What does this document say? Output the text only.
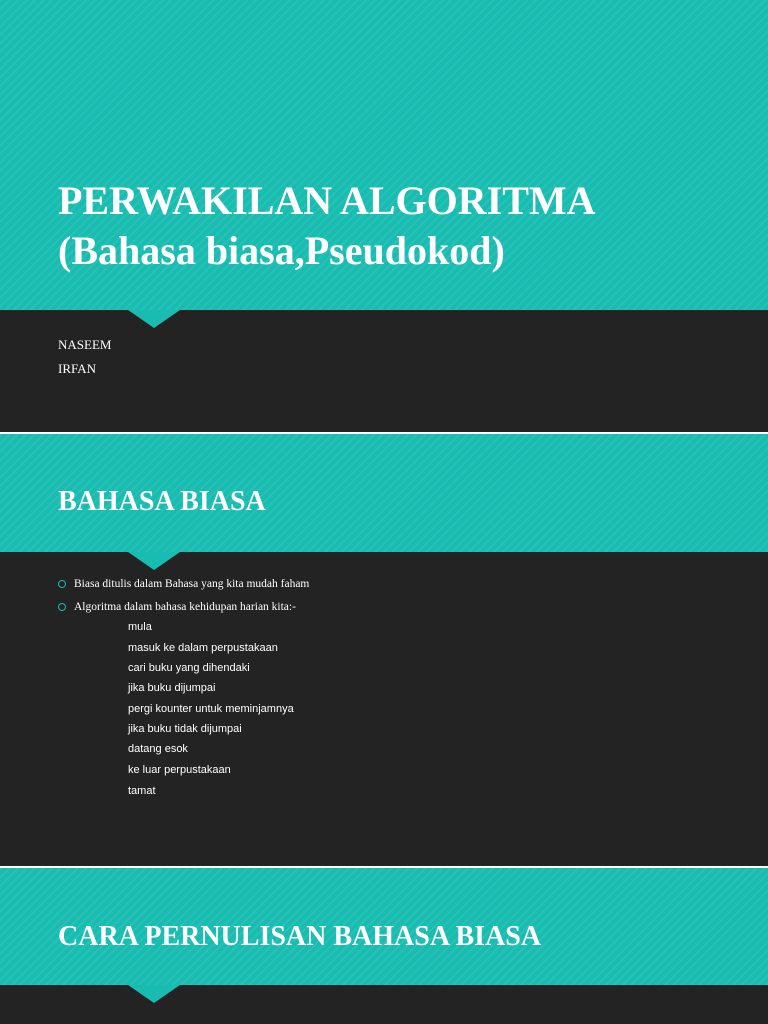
PERWAKILAN ALGORITMA
(Bahasa biasa,Pseudokod)
NASEEM
IRFAN
BAHASA BIASA
Biasa ditulis dalam Bahasa yang kita mudah faham
Algoritma dalam bahasa kehidupan harian kita:-
mula
masuk ke dalam perpustakaan
cari buku yang dihendaki
jika buku dijumpai
pergi kounter untuk meminjamnya
jika buku tidak dijumpai
datang esok
ke luar perpustakaan
tamat
CARA PERNULISAN BAHASA BIASA
